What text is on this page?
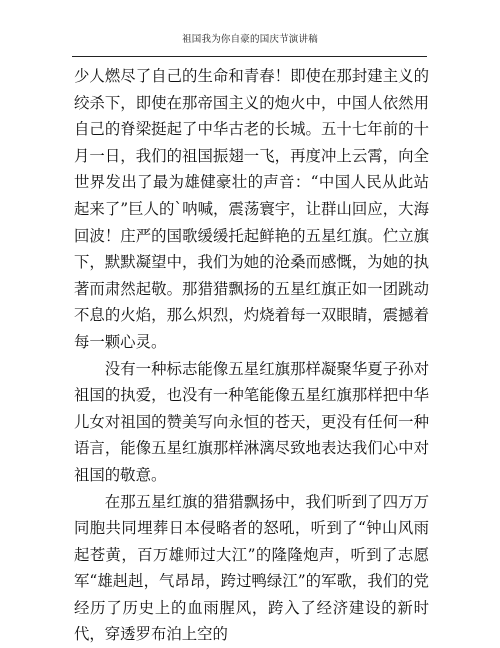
祖国我为你自豪的国庆节演讲稿

少人燃尽了自己的生命和青春！即使在那封建主义的绞杀下，即使在那帝国主义的炮火中，中国人依然用自己的脊梁挺起了中华古老的长城。五十七年前的十月一日，我们的祖国振翅一飞，再度冲上云霄，向全世界发出了最为雄健豪壮的声音：“中国人民从此站起来了”巨人的`呐喊，震荡寰宇，让群山回应，大海回波！庄严的国歌缓缓托起鲜艳的五星红旗。伫立旗下，默默凝望中，我们为她的沧桑而感慨，为她的执著而肃然起敬。那猎猎飘扬的五星红旗正如一团跳动不息的火焰，那么炽烈，灼烧着每一双眼睛，震撼着每一颗心灵。

没有一种标志能像五星红旗那样凝聚华夏子孙对祖国的执爱，也没有一种笔能像五星红旗那样把中华儿女对祖国的赞美写向永恒的苍天，更没有任何一种语言，能像五星红旗那样淋漓尽致地表达我们心中对祖国的敬意。

在那五星红旗的猎猎飘扬中，我们听到了四万万同胞共同埋葬日本侵略者的怒吼，听到了“钟山风雨起苍黄，百万雄师过大江”的隆隆炮声，听到了志愿军“雄赳赳，气昂昂，跨过鸭绿江”的军歌，我们的党经历了历史上的血雨腥风，跨入了经济建设的新时代，穿透罗布泊上空的
